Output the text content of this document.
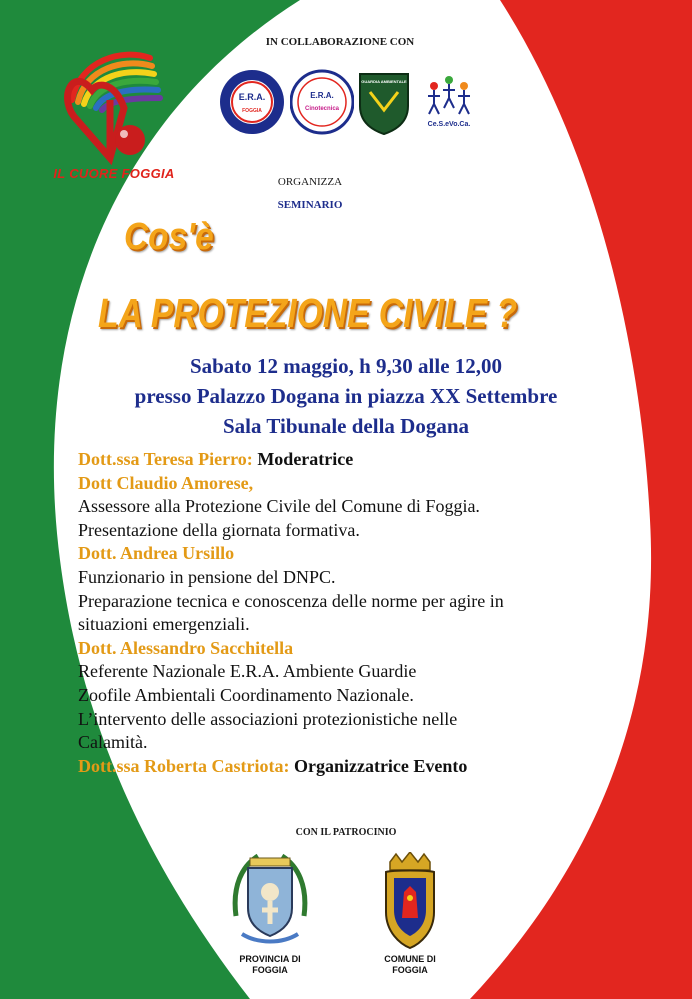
IL CUORE FOGGIA
IN COLLABORAZIONE CON
E.R.A.
FOGGIA
E.R.A.
Cinotecnica
GUARDIA AMBIENTALE
Ce.S.eVo.Ca.
ORGANIZZA
SEMINARIO
Cos'è
LA PROTEZIONE CIVILE ?
Sabato 12 maggio, h 9,30 alle 12,00
presso Palazzo Dogana in piazza XX Settembre
Sala Tibunale della Dogana
Dott.ssa Teresa Pierro: Moderatrice
Dott Claudio Amorese,
Assessore alla Protezione Civile del Comune di Foggia.
Presentazione della giornata formativa.
Dott. Andrea Ursillo
Funzionario in pensione del DNPC.
Preparazione tecnica e conoscenza delle norme per agire in
situazioni emergenziali.
Dott. Alessandro Sacchitella
Referente Nazionale E.R.A. Ambiente Guardie
Zoofile Ambientali Coordinamento Nazionale.
L’intervento delle associazioni protezionistiche nelle
Calamità.
Dott.ssa Roberta Castriota: Organizzatrice Evento
CON IL PATROCINIO
PROVINCIA DI
FOGGIA
COMUNE DI
FOGGIA
